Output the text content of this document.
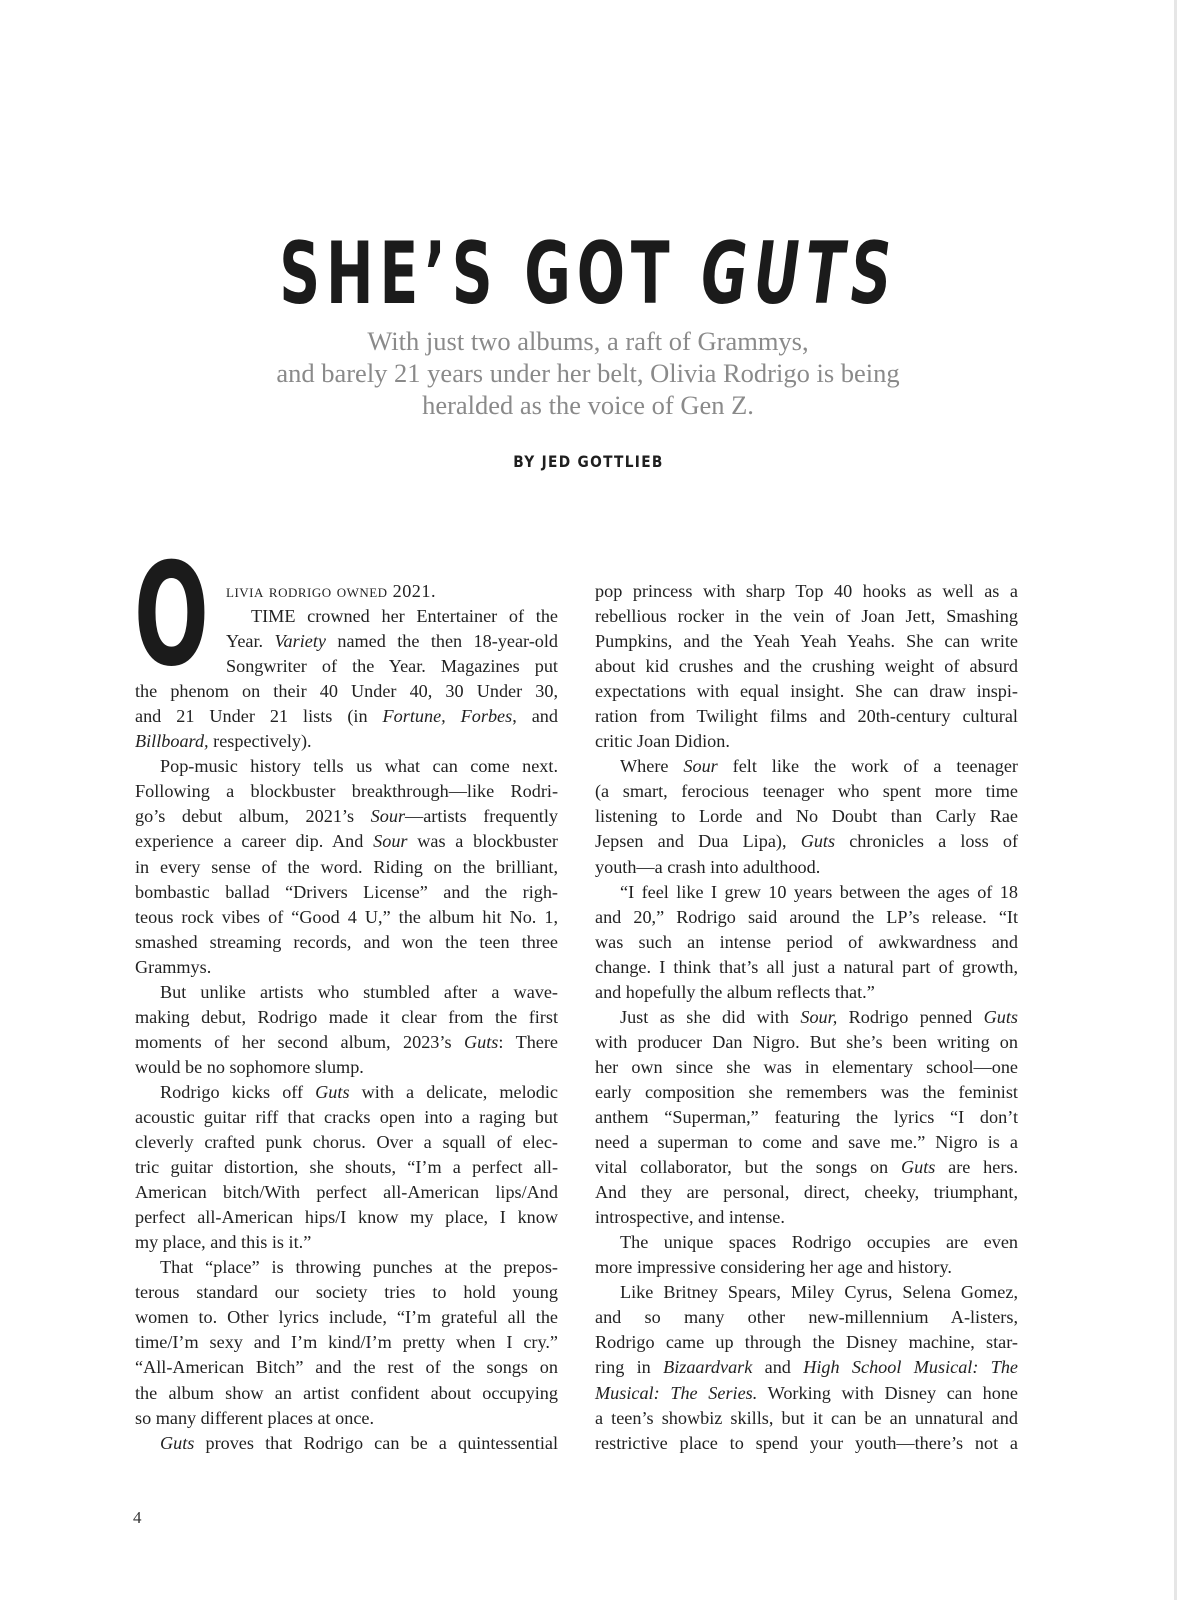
SHE’S GOT GUTS
With just two albums, a raft of Grammys,
and barely 21 years under her belt, Olivia Rodrigo is being
heralded as the voice of Gen Z.
BY JED GOTTLIEB
O livia rodrigo owned 2021.
TIME crowned her Entertainer of the
Year. Variety named the then 18-year-old
Songwriter of the Year. Magazines put
the phenom on their 40 Under 40, 30 Under 30,
and 21 Under 21 lists (in Fortune, Forbes, and
Billboard, respectively).
Pop-music history tells us what can come next.
Following a blockbuster breakthrough—like Rodri-
go’s debut album, 2021’s Sour—artists frequently
experience a career dip. And Sour was a blockbuster
in every sense of the word. Riding on the brilliant,
bombastic ballad “Drivers License” and the righ-
teous rock vibes of “Good 4 U,” the album hit No. 1,
smashed streaming records, and won the teen three
Grammys.
But unlike artists who stumbled after a wave-
making debut, Rodrigo made it clear from the first
moments of her second album, 2023’s Guts: There
would be no sophomore slump.
Rodrigo kicks off Guts with a delicate, melodic
acoustic guitar riff that cracks open into a raging but
cleverly crafted punk chorus. Over a squall of elec-
tric guitar distortion, she shouts, “I’m a perfect all-
American bitch/With perfect all-American lips/And
perfect all-American hips/I know my place, I know
my place, and this is it.”
That “place” is throwing punches at the prepos-
terous standard our society tries to hold young
women to. Other lyrics include, “I’m grateful all the
time/I’m sexy and I’m kind/I’m pretty when I cry.”
“All-American Bitch” and the rest of the songs on
the album show an artist confident about occupying
so many different places at once.
Guts proves that Rodrigo can be a quintessential
pop princess with sharp Top 40 hooks as well as a
rebellious rocker in the vein of Joan Jett, Smashing
Pumpkins, and the Yeah Yeah Yeahs. She can write
about kid crushes and the crushing weight of absurd
expectations with equal insight. She can draw inspi-
ration from Twilight films and 20th-century cultural
critic Joan Didion.
Where Sour felt like the work of a teenager
(a smart, ferocious teenager who spent more time
listening to Lorde and No Doubt than Carly Rae
Jepsen and Dua Lipa), Guts chronicles a loss of
youth—a crash into adulthood.
“I feel like I grew 10 years between the ages of 18
and 20,” Rodrigo said around the LP’s release. “It
was such an intense period of awkwardness and
change. I think that’s all just a natural part of growth,
and hopefully the album reflects that.”
Just as she did with Sour, Rodrigo penned Guts
with producer Dan Nigro. But she’s been writing on
her own since she was in elementary school—one
early composition she remembers was the feminist
anthem “Superman,” featuring the lyrics “I don’t
need a superman to come and save me.” Nigro is a
vital collaborator, but the songs on Guts are hers.
And they are personal, direct, cheeky, triumphant,
introspective, and intense.
The unique spaces Rodrigo occupies are even
more impressive considering her age and history.
Like Britney Spears, Miley Cyrus, Selena Gomez,
and so many other new-millennium A-listers,
Rodrigo came up through the Disney machine, star-
ring in Bizaardvark and High School Musical: The
Musical: The Series. Working with Disney can hone
a teen’s showbiz skills, but it can be an unnatural and
restrictive place to spend your youth—there’s not a
4
